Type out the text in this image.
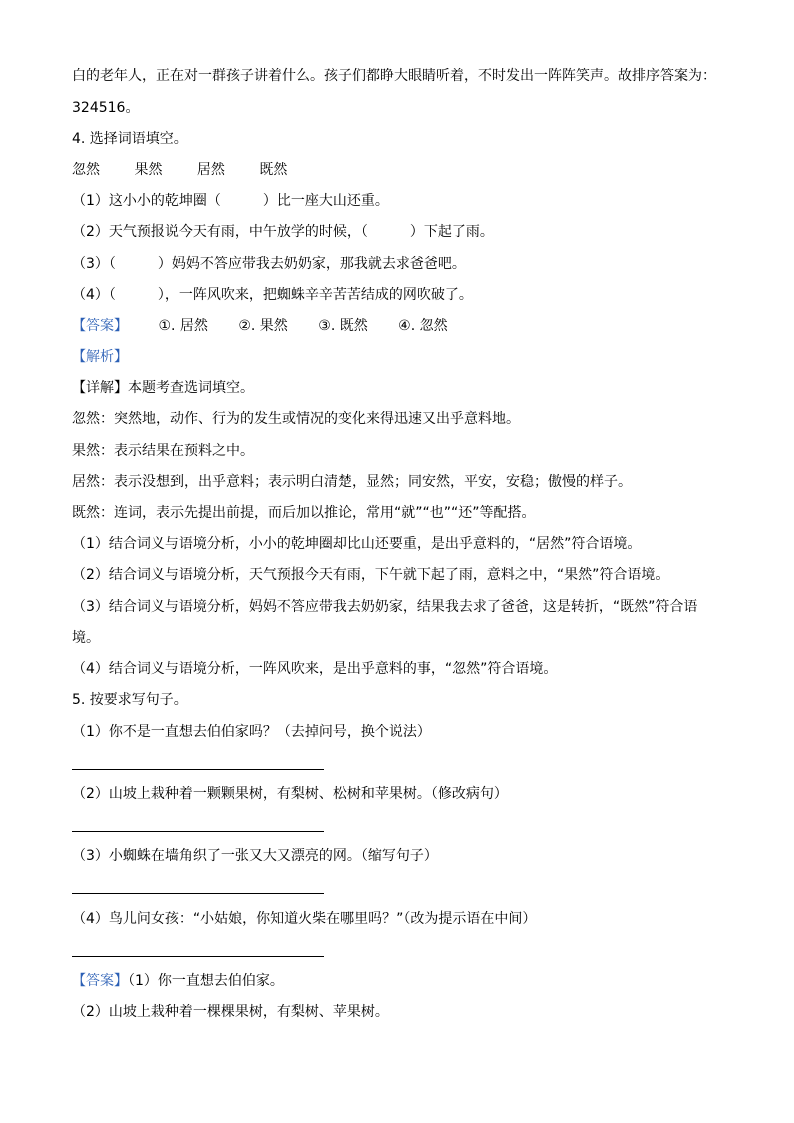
白的老年人，正在对一群孩子讲着什么。孩子们都睁大眼睛听着，不时发出一阵阵笑声。故排序答案为：
324516。
4. 选择词语填空。
忽然 果然 居然 既然
（1）这小小的乾坤圈（　　　）比一座大山还重。
（2）天气预报说今天有雨，中午放学的时候，（　　　）下起了雨。
（3）（　　　）妈妈不答应带我去奶奶家，那我就去求爸爸吧。
（4）（　　　），一阵风吹来，把蜘蛛辛辛苦苦结成的网吹破了。
【答案】 ①. 居然 ②. 果然 ③. 既然 ④. 忽然
【解析】
【详解】本题考查选词填空。
忽然：突然地，动作、行为的发生或情况的变化来得迅速又出乎意料地。
果然：表示结果在预料之中。
居然：表示没想到，出乎意料；表示明白清楚，显然；同安然，平安，安稳；傲慢的样子。
既然：连词，表示先提出前提，而后加以推论，常用“就”“也”“还”等配搭。
（1）结合词义与语境分析，小小的乾坤圈却比山还要重，是出乎意料的，“居然”符合语境。
（2）结合词义与语境分析，天气预报今天有雨，下午就下起了雨，意料之中，“果然”符合语境。
（3）结合词义与语境分析，妈妈不答应带我去奶奶家，结果我去求了爸爸，这是转折，“既然”符合语
境。
（4）结合词义与语境分析，一阵风吹来，是出乎意料的事，“忽然”符合语境。
5. 按要求写句子。
（1）你不是一直想去伯伯家吗？（去掉问号，换个说法）
（2）山坡上栽种着一颗颗果树，有梨树、松树和苹果树。（修改病句）
（3）小蜘蛛在墙角织了一张又大又漂亮的网。（缩写句子）
（4）鸟儿问女孩：“小姑娘，你知道火柴在哪里吗？”（改为提示语在中间）
【答案】（1）你一直想去伯伯家。
（2）山坡上栽种着一棵棵果树，有梨树、苹果树。
